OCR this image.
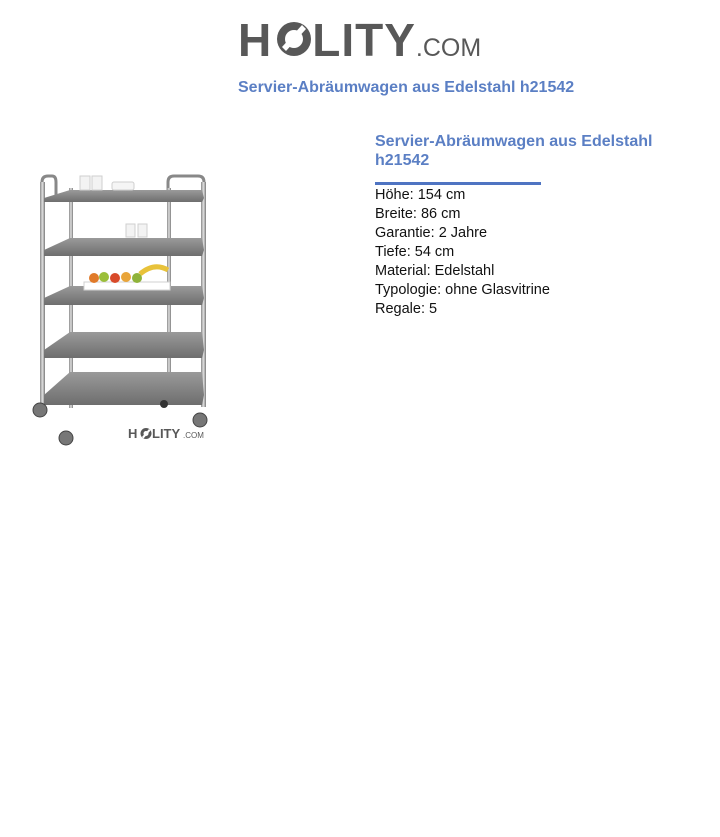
H LITY.COM
Servier-Abräumwagen aus Edelstahl h21542
H LITY .COM
Servier-Abräumwagen aus Edelstahl h21542
Höhe: 154 cm
Breite: 86 cm
Garantie: 2 Jahre
Tiefe: 54 cm
Material: Edelstahl
Typologie: ohne Glasvitrine
Regale: 5
